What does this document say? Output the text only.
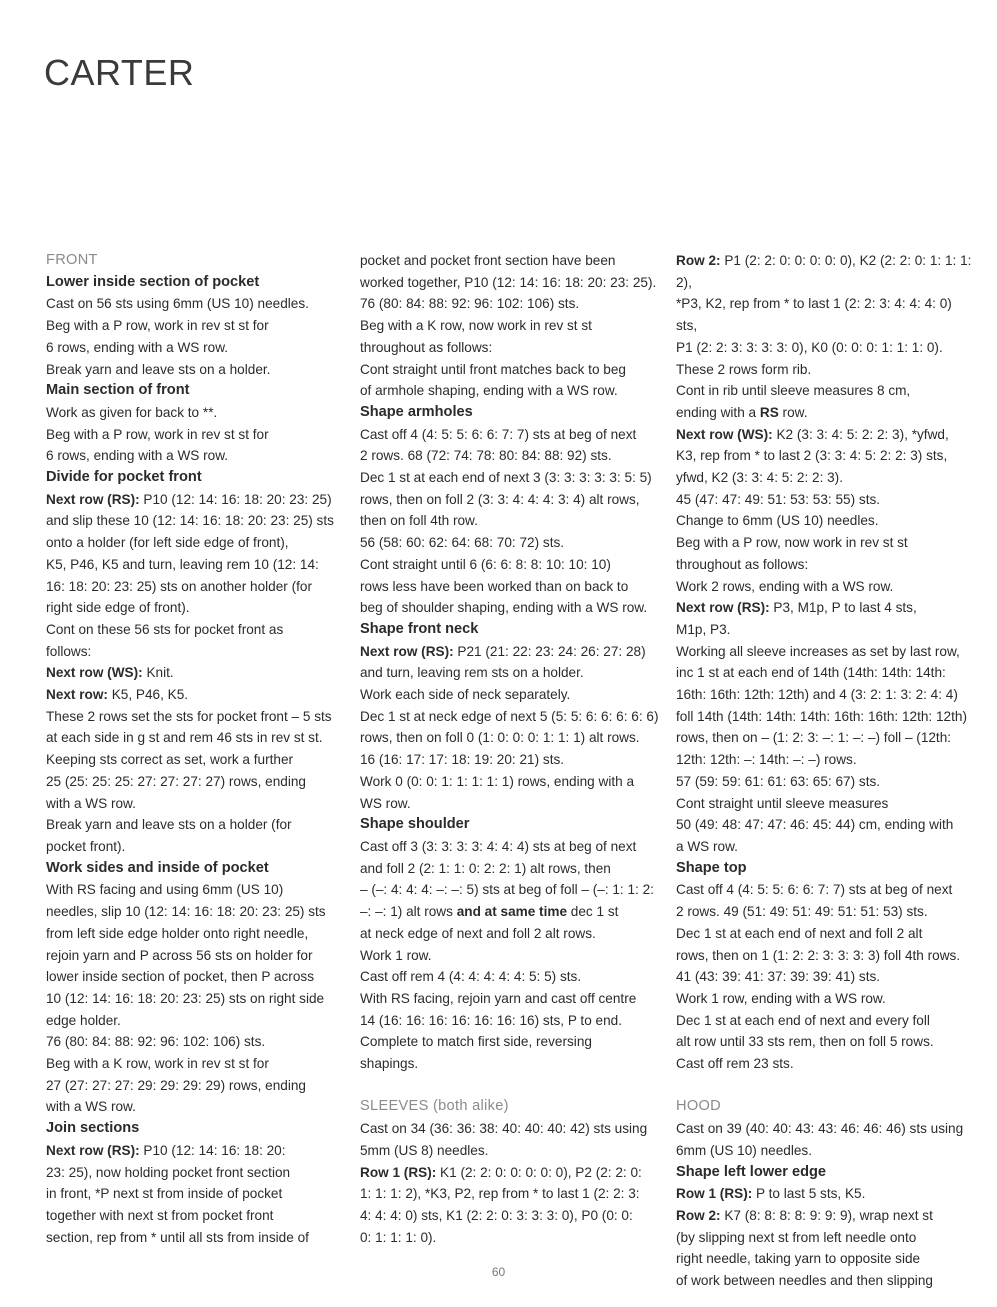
CARTER

FRONT

Lower inside section of pocket

Cast on 56 sts using 6mm (US 10) needles.

Beg with a P row, work in rev st st for

6 rows, ending with a WS row.

Break yarn and leave sts on a holder.

Main section of front

Work as given for back to **.

Beg with a P row, work in rev st st for

6 rows, ending with a WS row.

Divide for pocket front

Next row (RS): P10 (12: 14: 16: 18: 20: 23: 25)

and slip these 10 (12: 14: 16: 18: 20: 23: 25) sts

onto a holder (for left side edge of front),

K5, P46, K5 and turn, leaving rem 10 (12: 14:

16: 18: 20: 23: 25) sts on another holder (for

right side edge of front).

Cont on these 56 sts for pocket front as

follows:

Next row (WS): Knit.

Next row: K5, P46, K5.

These 2 rows set the sts for pocket front – 5 sts

at each side in g st and rem 46 sts in rev st st.

Keeping sts correct as set, work a further

25 (25: 25: 25: 27: 27: 27: 27) rows, ending

with a WS row.

Break yarn and leave sts on a holder (for

pocket front).

Work sides and inside of pocket

With RS facing and using 6mm (US 10)

needles, slip 10 (12: 14: 16: 18: 20: 23: 25) sts

from left side edge holder onto right needle,

rejoin yarn and P across 56 sts on holder for

lower inside section of pocket, then P across

10 (12: 14: 16: 18: 20: 23: 25) sts on right side

edge holder.

76 (80: 84: 88: 92: 96: 102: 106) sts.

Beg with a K row, work in rev st st for

27 (27: 27: 27: 29: 29: 29: 29) rows, ending

with a WS row.

Join sections

Next row (RS): P10 (12: 14: 16: 18: 20:

23: 25), now holding pocket front section

in front, *P next st from inside of pocket

together with next st from pocket front

section, rep from * until all sts from inside of

pocket and pocket front section have been

worked together, P10 (12: 14: 16: 18: 20: 23: 25).

76 (80: 84: 88: 92: 96: 102: 106) sts.

Beg with a K row, now work in rev st st

throughout as follows:

Cont straight until front matches back to beg

of armhole shaping, ending with a WS row.

Shape armholes

Cast off 4 (4: 5: 5: 6: 6: 7: 7) sts at beg of next

2 rows. 68 (72: 74: 78: 80: 84: 88: 92) sts.

Dec 1 st at each end of next 3 (3: 3: 3: 3: 3: 5: 5)

rows, then on foll 2 (3: 3: 4: 4: 4: 3: 4) alt rows,

then on foll 4th row.

56 (58: 60: 62: 64: 68: 70: 72) sts.

Cont straight until 6 (6: 6: 8: 8: 10: 10: 10)

rows less have been worked than on back to

beg of shoulder shaping, ending with a WS row.

Shape front neck

Next row (RS): P21 (21: 22: 23: 24: 26: 27: 28)

and turn, leaving rem sts on a holder.

Work each side of neck separately.

Dec 1 st at neck edge of next 5 (5: 5: 6: 6: 6: 6: 6)

rows, then on foll 0 (1: 0: 0: 0: 1: 1: 1) alt rows.

16 (16: 17: 17: 18: 19: 20: 21) sts.

Work 0 (0: 0: 1: 1: 1: 1: 1) rows, ending with a

WS row.

Shape shoulder

Cast off 3 (3: 3: 3: 3: 4: 4: 4) sts at beg of next

and foll 2 (2: 1: 1: 0: 2: 2: 1) alt rows, then

– (–: 4: 4: 4: –: –: 5) sts at beg of foll – (–: 1: 1: 2:

–: –: 1) alt rows and at same time dec 1 st

at neck edge of next and foll 2 alt rows.

Work 1 row.

Cast off rem 4 (4: 4: 4: 4: 4: 5: 5) sts.

With RS facing, rejoin yarn and cast off centre

14 (16: 16: 16: 16: 16: 16: 16) sts, P to end.

Complete to match first side, reversing

shapings.

SLEEVES (both alike)

Cast on 34 (36: 36: 38: 40: 40: 40: 42) sts using

5mm (US 8) needles.

Row 1 (RS): K1 (2: 2: 0: 0: 0: 0: 0), P2 (2: 2: 0:

1: 1: 1: 2), *K3, P2, rep from * to last 1 (2: 2: 3:

4: 4: 4: 0) sts, K1 (2: 2: 0: 3: 3: 3: 0), P0 (0: 0:

0: 1: 1: 1: 0).

Row 2: P1 (2: 2: 0: 0: 0: 0: 0), K2 (2: 2: 0: 1: 1: 1: 2),

*P3, K2, rep from * to last 1 (2: 2: 3: 4: 4: 4: 0) sts,

P1 (2: 2: 3: 3: 3: 3: 0), K0 (0: 0: 0: 1: 1: 1: 0).

These 2 rows form rib.

Cont in rib until sleeve measures 8 cm,

ending with a RS row.

Next row (WS): K2 (3: 3: 4: 5: 2: 2: 3), *yfwd,

K3, rep from * to last 2 (3: 3: 4: 5: 2: 2: 3) sts,

yfwd, K2 (3: 3: 4: 5: 2: 2: 3).

45 (47: 47: 49: 51: 53: 53: 55) sts.

Change to 6mm (US 10) needles.

Beg with a P row, now work in rev st st

throughout as follows:

Work 2 rows, ending with a WS row.

Next row (RS): P3, M1p, P to last 4 sts,

M1p, P3.

Working all sleeve increases as set by last row,

inc 1 st at each end of 14th (14th: 14th: 14th:

16th: 16th: 12th: 12th) and 4 (3: 2: 1: 3: 2: 4: 4)

foll 14th (14th: 14th: 14th: 16th: 16th: 12th: 12th)

rows, then on – (1: 2: 3: –: 1: –: –) foll – (12th:

12th: 12th: –: 14th: –: –) rows.

57 (59: 59: 61: 61: 63: 65: 67) sts.

Cont straight until sleeve measures

50 (49: 48: 47: 47: 46: 45: 44) cm, ending with

a WS row.

Shape top

Cast off 4 (4: 5: 5: 6: 6: 7: 7) sts at beg of next

2 rows. 49 (51: 49: 51: 49: 51: 51: 53) sts.

Dec 1 st at each end of next and foll 2 alt

rows, then on 1 (1: 2: 2: 3: 3: 3: 3) foll 4th rows.

41 (43: 39: 41: 37: 39: 39: 41) sts.

Work 1 row, ending with a WS row.

Dec 1 st at each end of next and every foll

alt row until 33 sts rem, then on foll 5 rows.

Cast off rem 23 sts.

HOOD

Cast on 39 (40: 40: 43: 43: 46: 46: 46) sts using

6mm (US 10) needles.

Shape left lower edge

Row 1 (RS): P to last 5 sts, K5.

Row 2: K7 (8: 8: 8: 8: 9: 9: 9), wrap next st

(by slipping next st from left needle onto

right needle, taking yarn to opposite side

of work between needles and then slipping

60
